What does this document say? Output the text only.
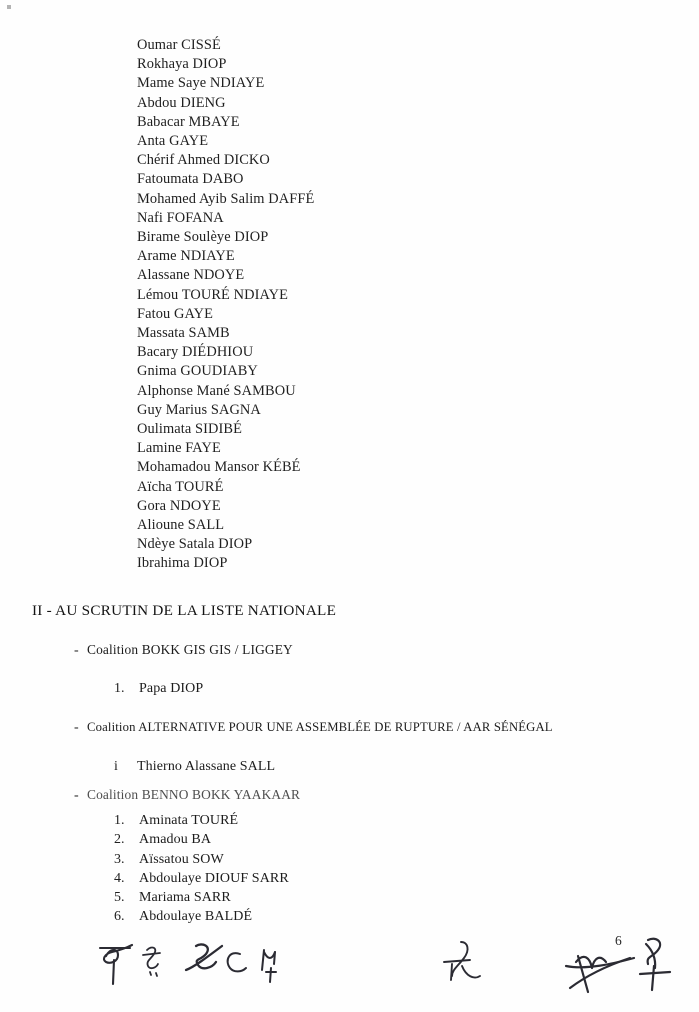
Oumar CISSÉ
Rokhaya DIOP
Mame Saye NDIAYE
Abdou DIENG
Babacar MBAYE
Anta GAYE
Chérif Ahmed DICKO
Fatoumata DABO
Mohamed Ayib Salim DAFFÉ
Nafi FOFANA
Birame Soulèye DIOP
Arame NDIAYE
Alassane NDOYE
Lémou TOURÉ NDIAYE
Fatou GAYE
Massata SAMB
Bacary DIÉDHIOU
Gnima GOUDIABY
Alphonse Mané SAMBOU
Guy Marius SAGNA
Oulimata SIDIBÉ
Lamine FAYE
Mohamadou Mansor KÉBÉ
Aïcha TOURÉ
Gora NDOYE
Alioune SALL
Ndèye Satala DIOP
Ibrahima DIOP
II - AU SCRUTIN DE LA LISTE NATIONALE
- Coalition BOKK GIS GIS / LIGGEY
1.	Papa DIOP
- Coalition ALTERNATIVE POUR UNE ASSEMBLÉE DE RUPTURE / AAR SÉNÉGAL
i	Thierno Alassane SALL
- Coalition BENNO BOKK YAAKAAR
1.	Aminata TOURÉ
2.	Amadou BA
3.	Aïssatou SOW
4.	Abdoulaye DIOUF SARR
5.	Mariama SARR
6.	Abdoulaye BALDÉ
6
